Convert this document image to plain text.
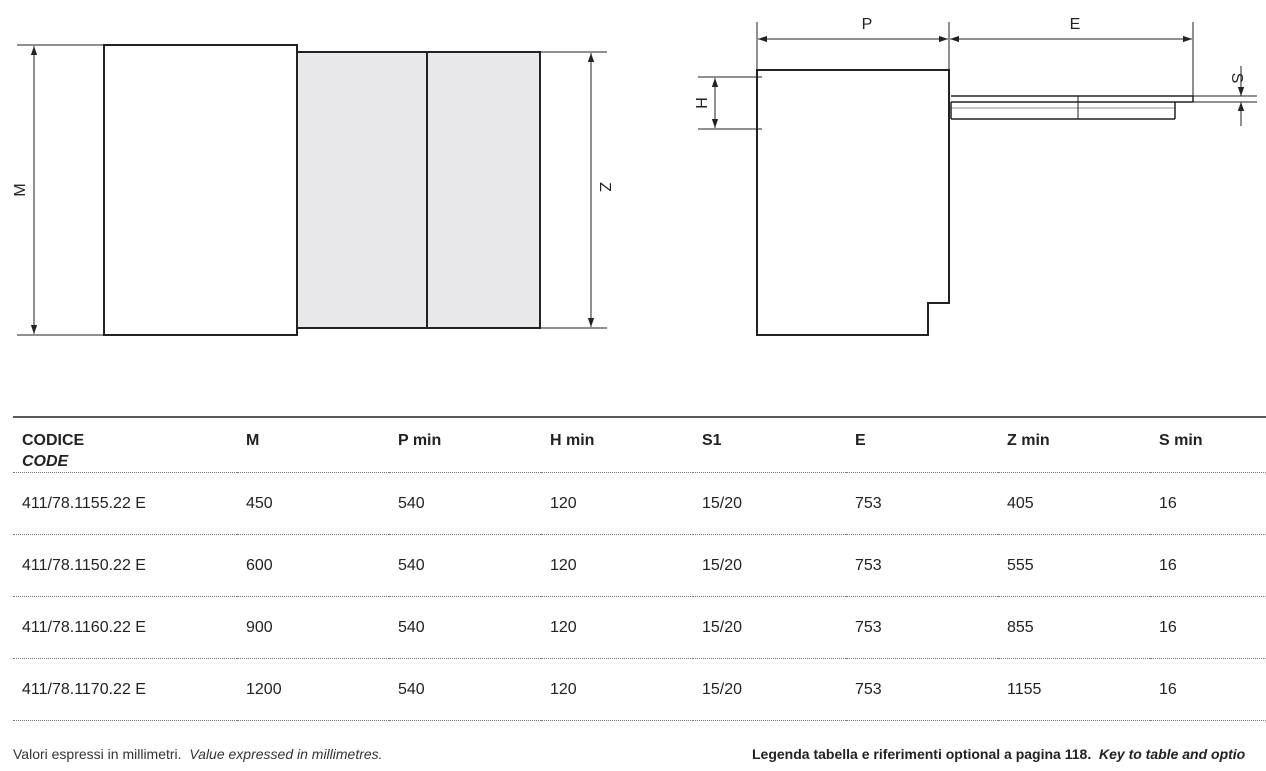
M	Z
P	E
H
S
CODICE
CODE	M	P min	H min	S1	E	Z min	S min
411/78.1155.22 E	450	540	120	15/20	753	405	16
411/78.1150.22 E	600	540	120	15/20	753	555	16
411/78.1160.22 E	900	540	120	15/20	753	855	16
411/78.1170.22 E	1200	540	120	15/20	753	1155	16
Valori espressi in millimetri. Value expressed in millimetres.	Legenda tabella e riferimenti optional a pagina 118. Key to table and optio
